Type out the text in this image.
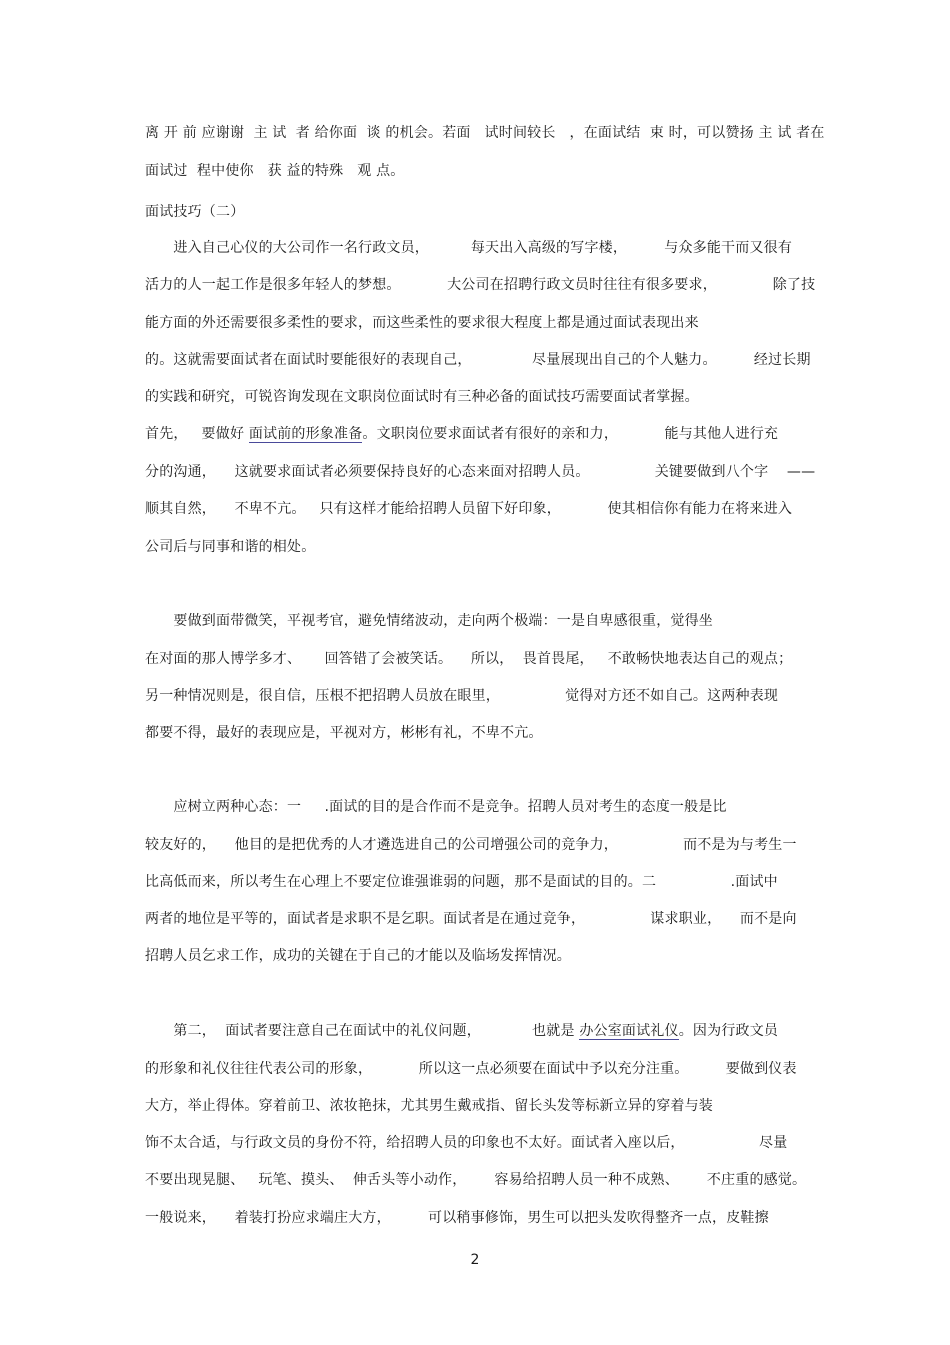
离 开 前 应谢谢  主 试  者 给你面  谈 的机会。若面   试时间较长   ，在面试结  束 时，可以赞扬 主 试 者在
面试过  程中使你   获 益的特殊   观 点。
面试技巧（二）
　　进入自己心仪的大公司作一名行政文员，         每天出入高级的写字楼，        与众多能干而又很有
活力的人一起工作是很多年轻人的梦想。          大公司在招聘行政文员时往往有很多要求，            除了技
能方面的外还需要很多柔性的要求，而这些柔性的要求很大程度上都是通过面试表现出来
的。这就需要面试者在面试时要能很好的表现自己，             尽量展现出自己的个人魅力。        经过长期
的实践和研究，可锐咨询发现在文职岗位面试时有三种必备的面试技巧需要面试者掌握。
首先，   要做好 面试前的形象准备。文职岗位要求面试者有很好的亲和力，          能与其他人进行充
分的沟通，    这就要求面试者必须要保持良好的心态来面对招聘人员。              关键要做到八个字    ——
顺其自然，    不卑不亢。   只有这样才能给招聘人员留下好印象，          使其相信你有能力在将来进入
公司后与同事和谐的相处。
　　要做到面带微笑，平视考官，避免情绪波动，走向两个极端：一是自卑感很重，觉得坐
在对面的那人博学多才、     回答错了会被笑话。    所以，  畏首畏尾，   不敢畅快地表达自己的观点；
另一种情况则是，很自信，压根不把招聘人员放在眼里，              觉得对方还不如自己。这两种表现
都要不得，最好的表现应是，平视对方，彬彬有礼，不卑不亢。
　　应树立两种心态：一     .面试的目的是合作而不是竞争。招聘人员对考生的态度一般是比
较友好的，    他目的是把优秀的人才遴选进自己的公司增强公司的竞争力，              而不是为与考生一
比高低而来，所以考生在心理上不要定位谁强谁弱的问题，那不是面试的目的。二                .面试中
两者的地位是平等的，面试者是求职不是乞职。面试者是在通过竞争，              谋求职业，    而不是向
招聘人员乞求工作，成功的关键在于自己的才能以及临场发挥情况。
　　第二，  面试者要注意自己在面试中的礼仪问题，           也就是 办公室面试礼仪。因为行政文员
的形象和礼仪往往代表公司的形象，          所以这一点必须要在面试中予以充分注重。        要做到仪表
大方，举止得体。穿着前卫、浓妆艳抹，尤其男生戴戒指、留长头发等标新立异的穿着与装
饰不太合适，与行政文员的身份不符，给招聘人员的印象也不太好。面试者入座以后，                尽量
不要出现晃腿、   玩笔、摸头、  伸舌头等小动作，      容易给招聘人员一种不成熟、      不庄重的感觉。
一般说来，    着装打扮应求端庄大方，        可以稍事修饰，男生可以把头发吹得整齐一点，皮鞋擦
2
